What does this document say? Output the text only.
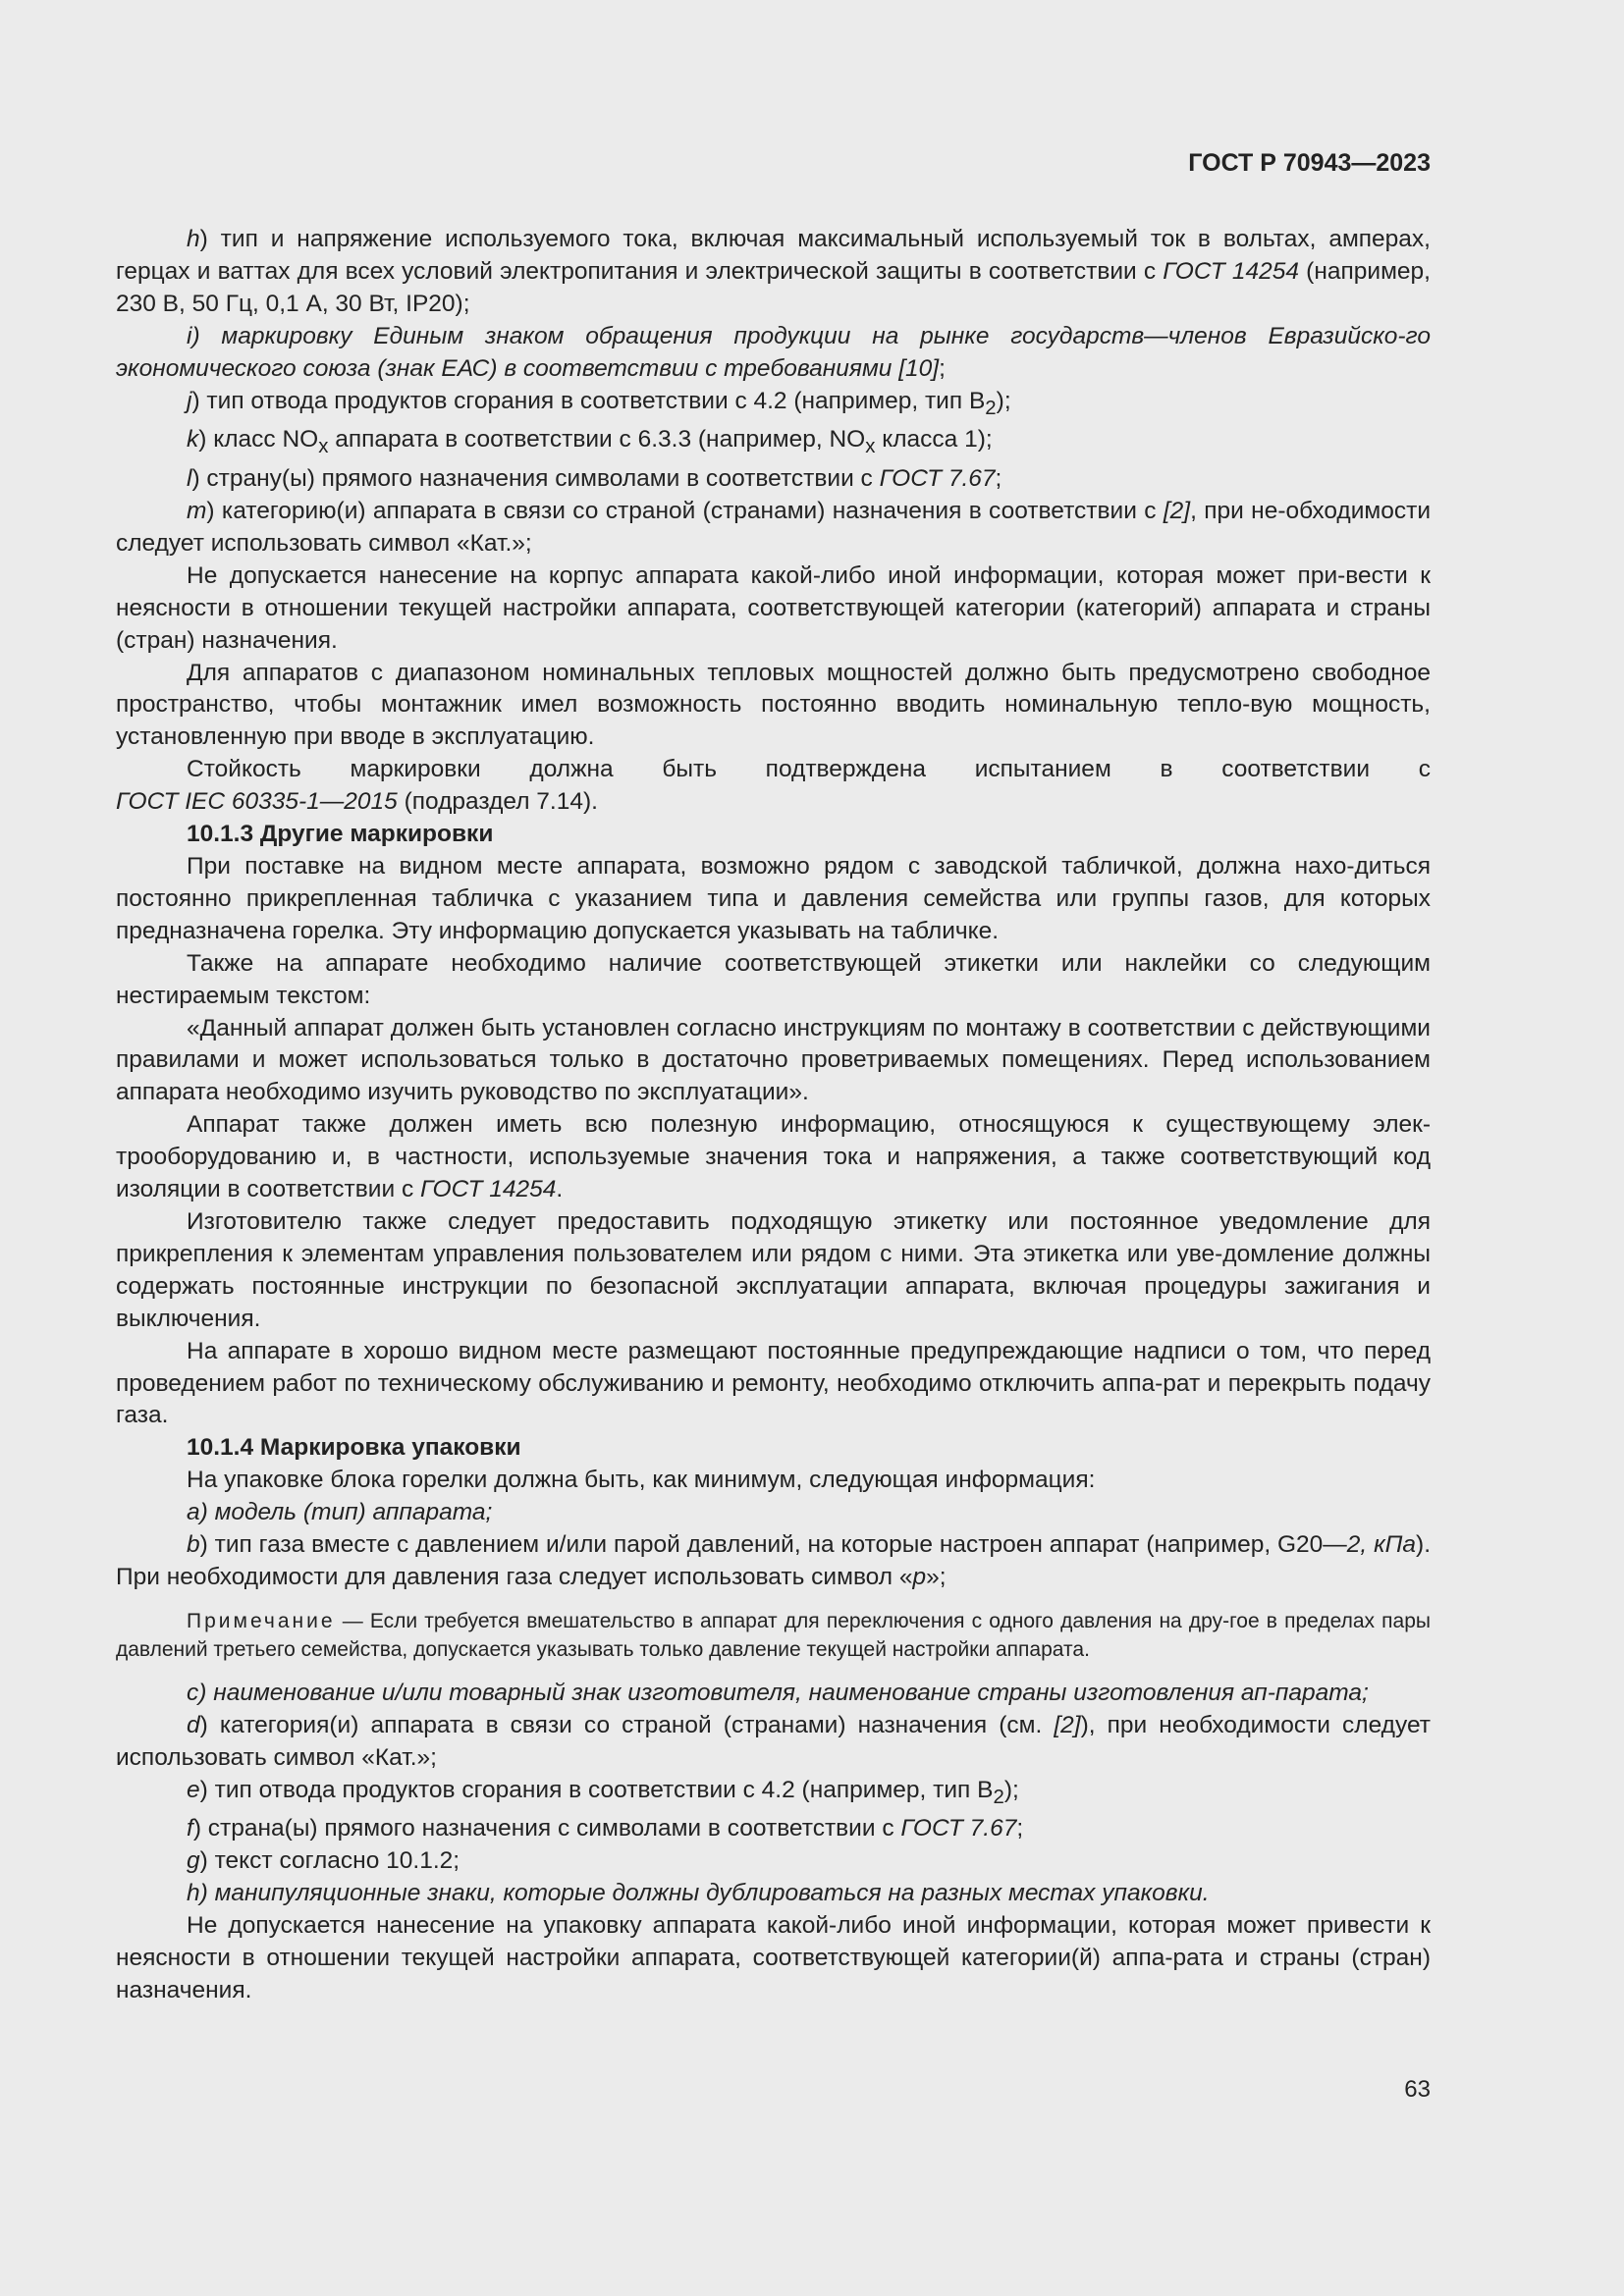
ГОСТ Р 70943—2023

h) тип и напряжение используемого тока, включая максимальный используемый ток в вольтах, амперах, герцах и ваттах для всех условий электропитания и электрической защиты в соответствии с ГОСТ 14254 (например, 230 В, 50 Гц, 0,1 А, 30 Вт, IP20);

i) маркировку Единым знаком обращения продукции на рынке государств—членов Евразийско-го экономического союза (знак ЕАС) в соответствии с требованиями [10];

j) тип отвода продуктов сгорания в соответствии с 4.2 (например, тип $B_2$);

k) класс $NO_x$ аппарата в соответствии с 6.3.3 (например, $NO_x$ класса 1);

l) страну(ы) прямого назначения символами в соответствии с ГОСТ 7.67;

m) категорию(и) аппарата в связи со страной (странами) назначения в соответствии с [2], при не-обходимости следует использовать символ «Кат.»;

Не допускается нанесение на корпус аппарата какой-либо иной информации, которая может при-вести к неясности в отношении текущей настройки аппарата, соответствующей категории (категорий) аппарата и страны (стран) назначения.

Для аппаратов с диапазоном номинальных тепловых мощностей должно быть предусмотрено свободное пространство, чтобы монтажник имел возможность постоянно вводить номинальную тепло-вую мощность, установленную при вводе в эксплуатацию.

Стойкость маркировки должна быть подтверждена испытанием в соответствии с

ГОСТ IEC 60335-1—2015 (подраздел 7.14).

10.1.3 Другие маркировки

При поставке на видном месте аппарата, возможно рядом с заводской табличкой, должна нахо-диться постоянно прикрепленная табличка с указанием типа и давления семейства или группы газов, для которых предназначена горелка. Эту информацию допускается указывать на табличке.

Также на аппарате необходимо наличие соответствующей этикетки или наклейки со следующим нестираемым текстом:

«Данный аппарат должен быть установлен согласно инструкциям по монтажу в соответствии с действующими правилами и может использоваться только в достаточно проветриваемых помещениях. Перед использованием аппарата необходимо изучить руководство по эксплуатации».

Аппарат также должен иметь всю полезную информацию, относящуюся к существующему элек-трооборудованию и, в частности, используемые значения тока и напряжения, а также соответствующий код изоляции в соответствии с ГОСТ 14254.

Изготовителю также следует предоставить подходящую этикетку или постоянное уведомление для прикрепления к элементам управления пользователем или рядом с ними. Эта этикетка или уве-домление должны содержать постоянные инструкции по безопасной эксплуатации аппарата, включая процедуры зажигания и выключения.

На аппарате в хорошо видном месте размещают постоянные предупреждающие надписи о том, что перед проведением работ по техническому обслуживанию и ремонту, необходимо отключить аппа-рат и перекрыть подачу газа.

10.1.4 Маркировка упаковки

На упаковке блока горелки должна быть, как минимум, следующая информация:

а) модель (тип) аппарата;

b) тип газа вместе с давлением и/или парой давлений, на которые настроен аппарат (например, G20—2, кПа). При необходимости для давления газа следует использовать символ «p»;

Примечание — Если требуется вмешательство в аппарат для переключения с одного давления на дру-гое в пределах пары давлений третьего семейства, допускается указывать только давление текущей настройки аппарата.

с) наименование и/или товарный знак изготовителя, наименование страны изготовления ап-парата;

d) категория(и) аппарата в связи со страной (странами) назначения (см. [2]), при необходимости следует использовать символ «Кат.»;

е) тип отвода продуктов сгорания в соответствии с 4.2 (например, тип $B_2$);

f) страна(ы) прямого назначения с символами в соответствии с ГОСТ 7.67;

g) текст согласно 10.1.2;

h) манипуляционные знаки, которые должны дублироваться на разных местах упаковки.

Не допускается нанесение на упаковку аппарата какой-либо иной информации, которая может привести к неясности в отношении текущей настройки аппарата, соответствующей категории(й) аппа-рата и страны (стран) назначения.

63
